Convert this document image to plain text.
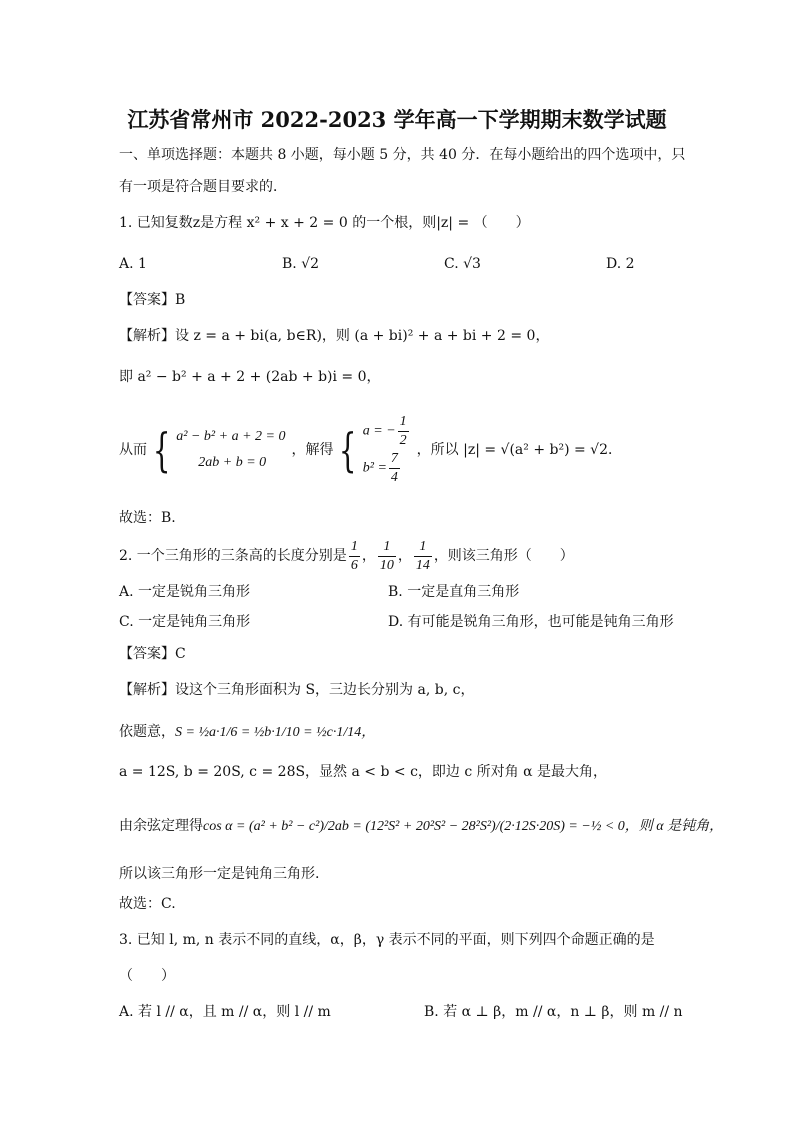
江苏省常州市 2022-2023 学年高一下学期期末数学试题
一、单项选择题：本题共 8 小题，每小题 5 分，共 40 分．在每小题给出的四个选项中，只
有一项是符合题目要求的．
1. 已知复数z是方程 x² + x + 2 = 0 的一个根，则|z| = （　　）
A. 1	B. √2	C. √3	D. 2
【答案】B
【解析】设 z = a + bi(a, b∈R)，则 (a + bi)² + a + bi + 2 = 0，
即 a² − b² + a + 2 + (2ab + b)i = 0，
从而 { a² − b² + a + 2 = 0
2ab + b = 0
，解得 { a = − $\frac{1}{2}$
$b^2 = \frac{7}{4}$ ，所以 |z| = √(a² + b²) = √2．
故选：B.
2. 一个三角形的三条高的长度分别是 $\frac{1}{6}$ ， $\frac{1}{10}$ ， $\frac{1}{14}$ ，则该三角形（　　）
A. 一定是锐角三角形	B. 一定是直角三角形
C. 一定是钝角三角形	D. 有可能是锐角三角形，也可能是钝角三角形
【答案】C
【解析】设这个三角形面积为 S，三边长分别为 a, b, c，
依题意，S = ½a·1/6 = ½b·1/10 = ½c·1/14，
a = 12S, b = 20S, c = 28S，显然 a < b < c，即边 c 所对角 α 是最大角，
由余弦定理得cos α = (a² + b² − c²)/2ab = (12²S² + 20²S² − 28²S²)/(2·12S·20S) = −½ < 0，则 α 是钝角，
所以该三角形一定是钝角三角形.
故选：C.
3. 已知 l, m, n 表示不同的直线，α，β，γ 表示不同的平面，则下列四个命题正确的是
（　　）
A. 若 l // α，且 m // α，则 l // m	B. 若 α ⊥ β，m // α，n ⊥ β，则 m // n
